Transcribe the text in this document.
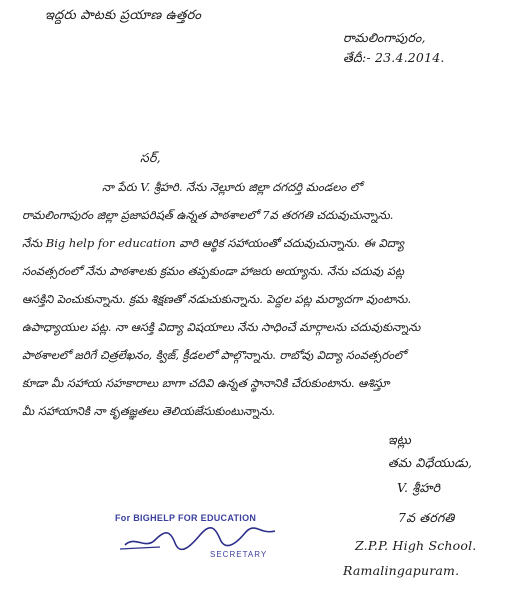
ఇద్దరు పాటకు ప్రయాణ ఉత్తరం
రామలింగాపురం,
తేదీ:- 23.4.2014.
సర్,
నా పేరు V. శ్రీహరి. నేను నెల్లూరు జిల్లా దగదర్తి మండలం లో
రామలింగాపురం జిల్లా ప్రజాపరిషత్ ఉన్నత పాఠశాలలో 7వ తరగతి చదువుచున్నాను.
నేను Big help for education వారి ఆర్థిక సహాయంతో చదువుచున్నాను. ఈ విద్యా
సంవత్సరంలో నేను పాఠశాలకు క్రమం తప్పకుండా హాజరు అయ్యాను. నేను చదువు పట్ల
ఆసక్తిని పెంచుకున్నాను. క్రమ శిక్షణతో నడుచుకున్నాను. పెద్దల పట్ల మర్యాదగా వుంటాను.
ఉపాధ్యాయుల పట్ల. నా ఆసక్తి విద్యా విషయాలు నేను సాధించే మార్గాలను చదువుకున్నాను
పాఠశాలలో జరిగే చిత్రలేఖనం, క్విజ్, క్రీడలలో పాల్గొన్నాను. రాబోవు విద్యా సంవత్సరంలో
కూడా మీ సహాయ సహకారాలు బాగా చదివి ఉన్నత స్థానానికి చేరుకుంటాను. ఆశిస్తూ
మీ సహాయానికి నా కృతజ్ఞతలు తెలియజేసుకుంటున్నాను.
ఇట్లు
తమ విధేయుడు,
V. శ్రీహరి
7వ తరగతి
Z.P.P. High School.
Ramalingapuram.
For BIGHELP FOR EDUCATION
SECRETARY
